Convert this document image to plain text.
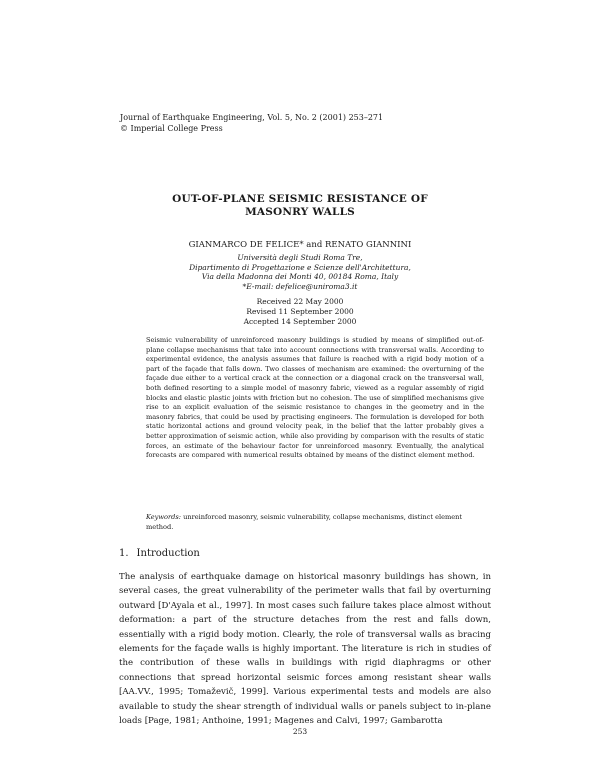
Journal of Earthquake Engineering, Vol. 5, No. 2 (2001) 253–271
© Imperial College Press
OUT-OF-PLANE SEISMIC RESISTANCE OF
MASONRY WALLS
GIANMARCO DE FELICE* and RENATO GIANNINI
Università degli Studi Roma Tre,
Dipartimento di Progettazione e Scienze dell'Architettura,
Via della Madonna dei Monti 40, 00184 Roma, Italy
*E-mail: defelice@uniroma3.it
Received 22 May 2000
Revised 11 September 2000
Accepted 14 September 2000
Seismic vulnerability of unreinforced masonry buildings is studied by means of simplified out-of-plane collapse mechanisms that take into account connections with transversal walls. According to experimental evidence, the analysis assumes that failure is reached with a rigid body motion of a part of the façade that falls down. Two classes of mechanism are examined: the overturning of the façade due either to a vertical crack at the connection or a diagonal crack on the transversal wall, both defined resorting to a simple model of masonry fabric, viewed as a regular assembly of rigid blocks and elastic plastic joints with friction but no cohesion. The use of simplified mechanisms give rise to an explicit evaluation of the seismic resistance to changes in the geometry and in the masonry fabrics, that could be used by practising engineers. The formulation is developed for both static horizontal actions and ground velocity peak, in the belief that the latter probably gives a better approximation of seismic action, while also providing by comparison with the results of static forces, an estimate of the behaviour factor for unreinforced masonry. Eventually, the analytical forecasts are compared with numerical results obtained by means of the distinct element method.
Keywords: unreinforced masonry, seismic vulnerability, collapse mechanisms, distinct element method.
1. Introduction
The analysis of earthquake damage on historical masonry buildings has shown, in several cases, the great vulnerability of the perimeter walls that fail by overturning outward [D'Ayala et al., 1997]. In most cases such failure takes place almost without deformation: a part of the structure detaches from the rest and falls down, essentially with a rigid body motion. Clearly, the role of transversal walls as bracing elements for the façade walls is highly important. The literature is rich in studies of the contribution of these walls in buildings with rigid diaphragms or other connections that spread horizontal seismic forces among resistant shear walls [AA.VV., 1995; Tomaževič, 1999]. Various experimental tests and models are also available to study the shear strength of individual walls or panels subject to in-plane loads [Page, 1981; Anthoine, 1991; Magenes and Calvi, 1997; Gambarotta
253
